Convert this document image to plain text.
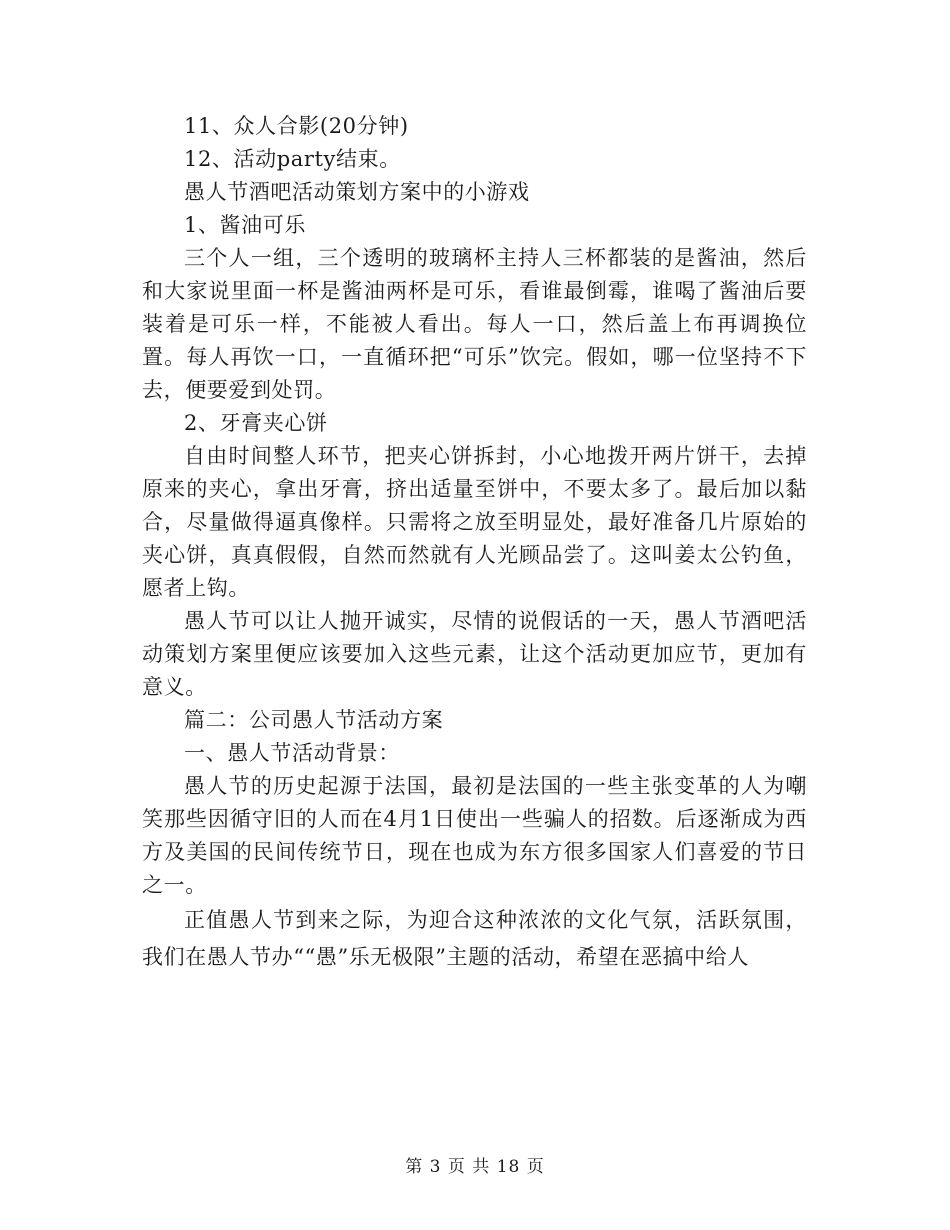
11、众人合影(20分钟)

12、活动party结束。

愚人节酒吧活动策划方案中的小游戏

1、酱油可乐

三个人一组，三个透明的玻璃杯主持人三杯都装的是酱油，然后和大家说里面一杯是酱油两杯是可乐，看谁最倒霉，谁喝了酱油后要装着是可乐一样，不能被人看出。每人一口，然后盖上布再调换位置。每人再饮一口，一直循环把“可乐”饮完。假如，哪一位坚持不下去，便要爱到处罚。

2、牙膏夹心饼

自由时间整人环节，把夹心饼拆封，小心地拨开两片饼干，去掉原来的夹心，拿出牙膏，挤出适量至饼中，不要太多了。最后加以黏合，尽量做得逼真像样。只需将之放至明显处，最好准备几片原始的夹心饼，真真假假，自然而然就有人光顾品尝了。这叫姜太公钓鱼，愿者上钩。

愚人节可以让人抛开诚实，尽情的说假话的一天，愚人节酒吧活动策划方案里便应该要加入这些元素，让这个活动更加应节，更加有意义。

篇二：公司愚人节活动方案

一、愚人节活动背景：

愚人节的历史起源于法国，最初是法国的一些主张变革的人为嘲笑那些因循守旧的人而在4月1日使出一些骗人的招数。后逐渐成为西方及美国的民间传统节日，现在也成为东方很多国家人们喜爱的节日之一。

正值愚人节到来之际，为迎合这种浓浓的文化气氛，活跃氛围，我们在愚人节办““愚”乐无极限”主题的活动，希望在恶搞中给人

第 3 页 共 18 页
